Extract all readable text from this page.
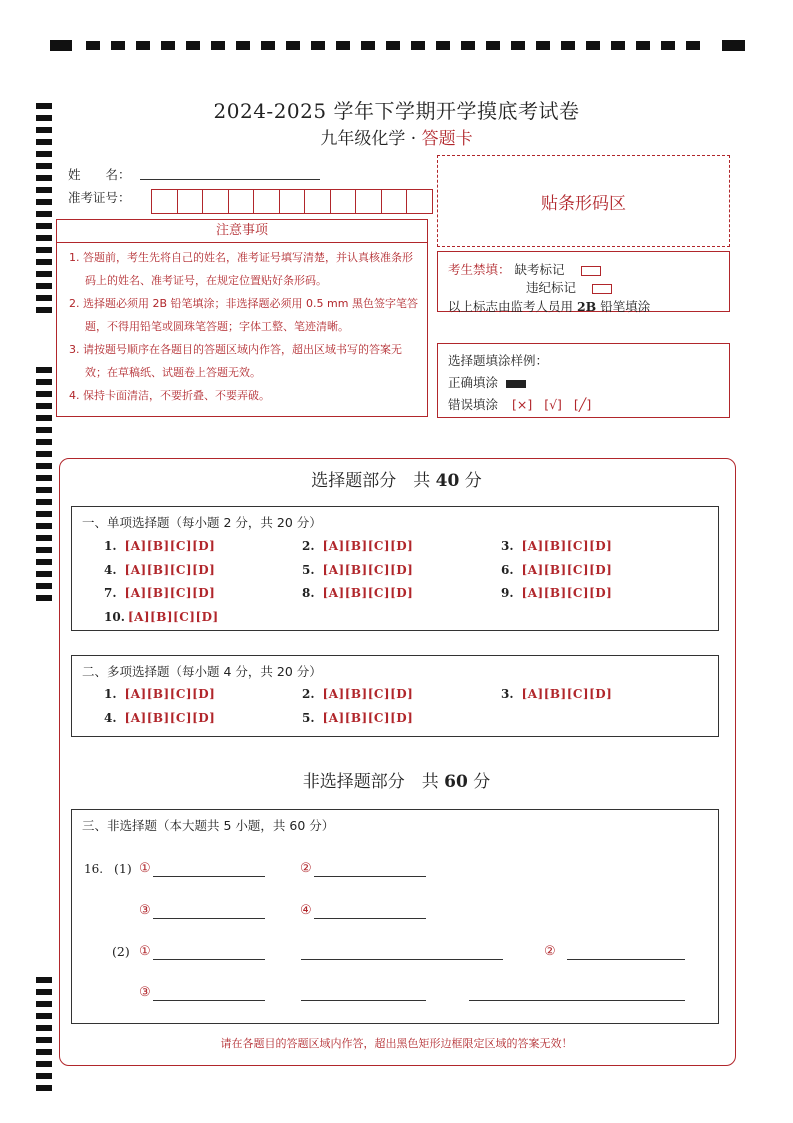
2024-2025 学年下学期开学摸底考试卷
九年级化学 · 答题卡
姓　　名：
准考证号：	贴条形码区
注意事项

1. 答题前，考生先将自己的姓名，准考证号填写清楚，并认真核准条形码上的姓名、准考证号，在规定位置贴好条形码。

2. 选择题必须用 2B 铅笔填涂；非选择题必须用 0.5 mm 黑色签字笔答题，不得用铅笔或圆珠笔答题；字体工整、笔迹清晰。

3. 请按题号顺序在各题目的答题区域内作答，超出区域书写的答案无效；在草稿纸、试题卷上答题无效。

4. 保持卡面清洁，不要折叠、不要弄破。

考生禁填： 缺考标记
违纪标记
以上标志由监考人员用 2B 铅笔填涂
选择题填涂样例：
正确填涂
错误填涂 [×] [√] [╱]
选择题部分　共 40 分
一、单项选择题（每小题 2 分，共 20 分）
1. [A][B][C][D]	2. [A][B][C][D]	3. [A][B][C][D]
4. [A][B][C][D]	5. [A][B][C][D]	6. [A][B][C][D]
7. [A][B][C][D]	8. [A][B][C][D]	9. [A][B][C][D]
10. [A][B][C][D]
二、多项选择题（每小题 4 分，共 20 分）
1. [A][B][C][D]	2. [A][B][C][D]	3. [A][B][C][D]
4. [A][B][C][D]	5. [A][B][C][D]
非选择题部分　共 60 分
三、非选择题（本大题共 5 小题，共 60 分）
16. (1) ①	②
③	④
(2) ①	②
③
请在各题目的答题区域内作答，超出黑色矩形边框限定区域的答案无效！
